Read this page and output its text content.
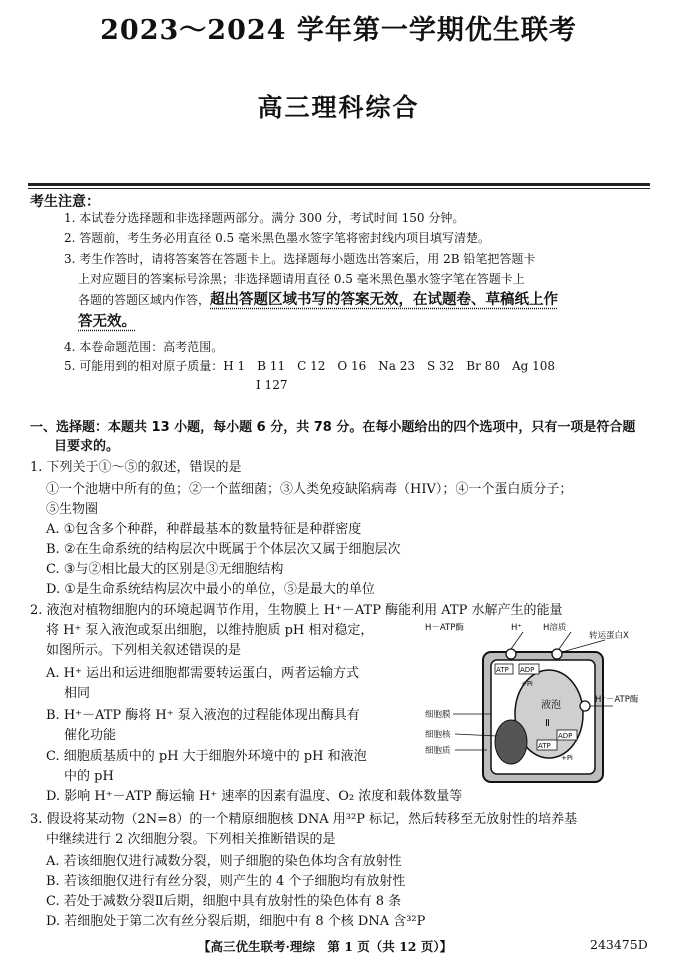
2023～2024 学年第一学期优生联考
高三理科综合
考生注意：
1. 本试卷分选择题和非选择题两部分。满分 300 分，考试时间 150 分钟。
2. 答题前，考生务必用直径 0.5 毫米黑色墨水签字笔将密封线内项目填写清楚。
3. 考生作答时，请将答案答在答题卡上。选择题每小题选出答案后，用 2B 铅笔把答题卡
上对应题目的答案标号涂黑；非选择题请用直径 0.5 毫米黑色墨水签字笔在答题卡上
各题的答题区域内作答，超出答题区域书写的答案无效，在试题卷、草稿纸上作
答无效。
4. 本卷命题范围：高考范围。
5. 可能用到的相对原子质量：H 1　B 11　C 12　O 16　Na 23　S 32　Br 80　Ag 108
I 127
一、选择题：本题共 13 小题，每小题 6 分，共 78 分。在每小题给出的四个选项中，只有一项是符合题
目要求的。
1. 下列关于①～⑤的叙述，错误的是
①一个池塘中所有的鱼；②一个蓝细菌；③人类免疫缺陷病毒（HIV）；④一个蛋白质分子；
⑤生物圈
A. ①包含多个种群，种群最基本的数量特征是种群密度
B. ②在生命系统的结构层次中既属于个体层次又属于细胞层次
C. ③与②相比最大的区别是③无细胞结构
D. ①是生命系统结构层次中最小的单位，⑤是最大的单位
2. 液泡对植物细胞内的环境起调节作用，生物膜上 H⁺－ATP 酶能利用 ATP 水解产生的能量
将 H⁺ 泵入液泡或泵出细胞，以维持胞质 pH 相对稳定，
如图所示。下列相关叙述错误的是
A. H⁺ 运出和运进细胞都需要转运蛋白，两者运输方式
相同
B. H⁺－ATP 酶将 H⁺ 泵入液泡的过程能体现出酶具有
催化功能
C. 细胞质基质中的 pH 大于细胞外环境中的 pH 和液泡
中的 pH
D. 影响 H⁺－ATP 酶运输 H⁺ 速率的因素有温度、O₂ 浓度和载体数量等
H－ATP酶	H⁺ H溶质
转运蛋白X
ATP ADP
+Pi
液泡
Ⅱ
H⁺－ATP酶
细胞膜
细胞核
细胞质	ATP
ADP
+Pi
3. 假设将某动物（2N=8）的一个精原细胞核 DNA 用³²P 标记，然后转移至无放射性的培养基
中继续进行 2 次细胞分裂。下列相关推断错误的是
A. 若该细胞仅进行减数分裂，则子细胞的染色体均含有放射性
B. 若该细胞仅进行有丝分裂，则产生的 4 个子细胞均有放射性
C. 若处于减数分裂Ⅱ后期，细胞中具有放射性的染色体有 8 条
D. 若细胞处于第二次有丝分裂后期，细胞中有 8 个核 DNA 含³²P
【高三优生联考·理综　第 1 页（共 12 页）】	243475D
